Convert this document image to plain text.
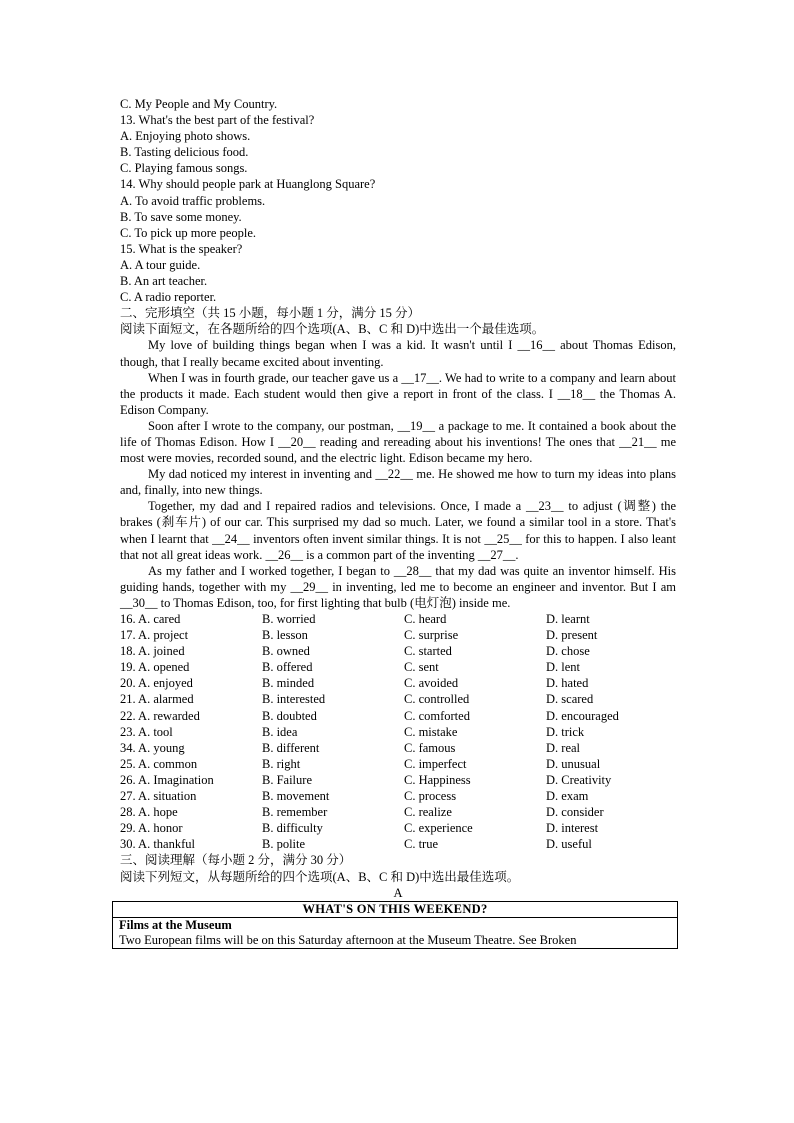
C. My People and My Country.
13. What's the best part of the festival?
A. Enjoying photo shows.
B. Tasting delicious food.
C. Playing famous songs.
14. Why should people park at Huanglong Square?
A. To avoid traffic problems.
B. To save some money.
C. To pick up more people.
15. What is the speaker?
A. A tour guide.
B. An art teacher.
C. A radio reporter.
二、完形填空（共 15 小题，每小题 1 分，满分 15 分）
阅读下面短文，在各题所给的四个选项(A、B、C 和 D)中选出一个最佳选项。

My love of building things began when I was a kid. It wasn't until I __16__ about Thomas Edison, though, that I really became excited about inventing.

When I was in fourth grade, our teacher gave us a __17__. We had to write to a company and learn about the products it made. Each student would then give a report in front of the class. I __18__ the Thomas A. Edison Company.

Soon after I wrote to the company, our postman, __19__ a package to me. It contained a book about the life of Thomas Edison. How I __20__ reading and rereading about his inventions! The ones that __21__ me most were movies, recorded sound, and the electric light. Edison became my hero.

My dad noticed my interest in inventing and __22__ me. He showed me how to turn my ideas into plans and, finally, into new things.

Together, my dad and I repaired radios and televisions. Once, I made a __23__ to adjust (调整) the brakes (刹车片) of our car. This surprised my dad so much. Later, we found a similar tool in a store. That's when I learnt that __24__ inventors often invent similar things. It is not __25__ for this to happen. I also leant that not all great ideas work. __26__ is a common part of the inventing __27__.

As my father and I worked together, I began to __28__ that my dad was quite an inventor himself. His guiding hands, together with my __29__ in inventing, led me to become an engineer and inventor. But I am __30__ to Thomas Edison, too, for first lighting that bulb (电灯泡) inside me.

16. A. cared	B. worried	C. heard	D. learnt
17. A. project	B. lesson	C. surprise	D. present
18. A. joined	B. owned	C. started	D. chose
19. A. opened	B. offered	C. sent	D. lent
20. A. enjoyed	B. minded	C. avoided	D. hated
21. A. alarmed	B. interested	C. controlled	D. scared
22. A. rewarded	B. doubted	C. comforted	D. encouraged
23. A. tool	B. idea	C. mistake	D. trick
34. A. young	B. different	C. famous	D. real
25. A. common	B. right	C. imperfect	D. unusual
26. A. Imagination	B. Failure	C. Happiness	D. Creativity
27. A. situation	B. movement	C. process	D. exam
28. A. hope	B. remember	C. realize	D. consider
29. A. honor	B. difficulty	C. experience	D. interest
30. A. thankful	B. polite	C. true	D. useful
三、阅读理解（每小题 2 分，满分 30 分）
阅读下列短文，从每题所给的四个选项(A、B、C 和 D)中选出最佳选项。
A
WHAT'S ON THIS WEEKEND?

Films at the Museum
Two European films will be on this Saturday afternoon at the Museum Theatre. See Broken
